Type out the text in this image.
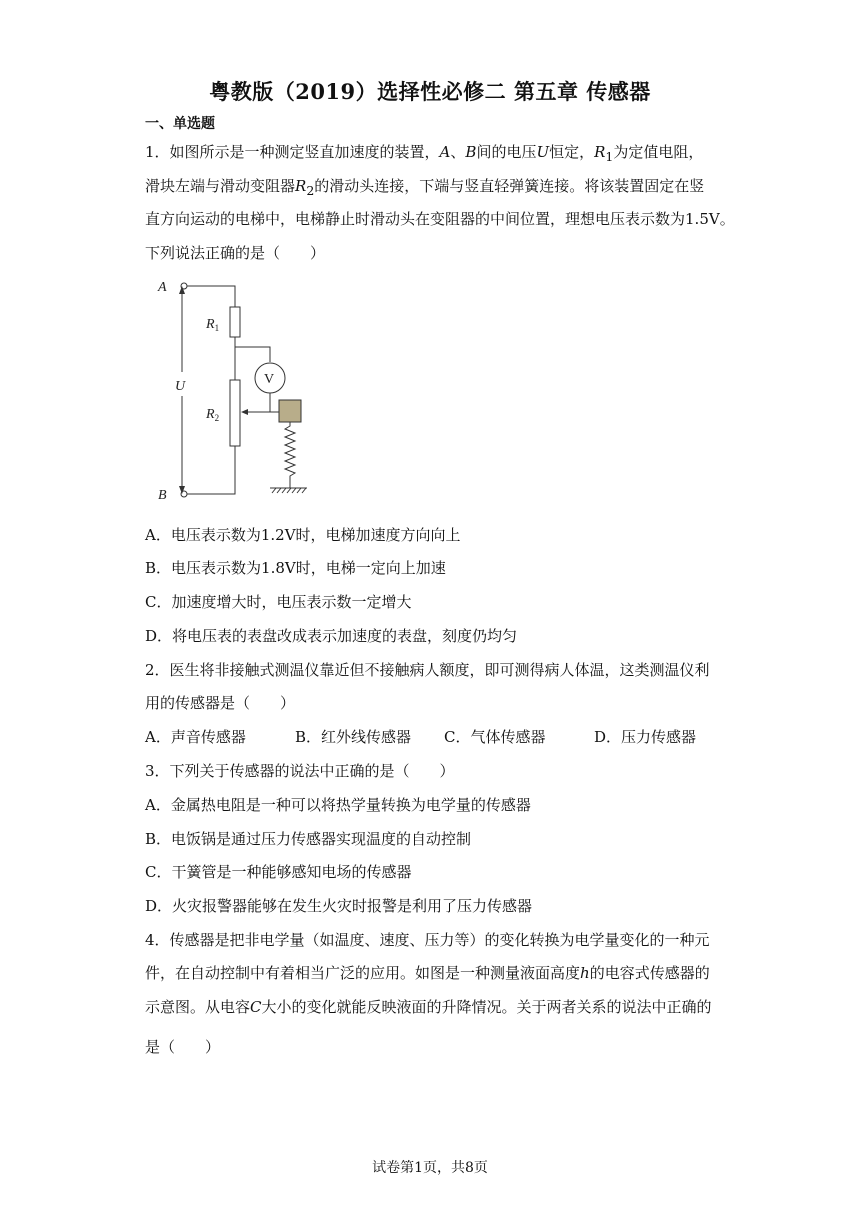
粤教版（2019）选择性必修二 第五章 传感器
一、单选题
1．如图所示是一种测定竖直加速度的装置，A、B间的电压U恒定，$R_1$为定值电阻，
滑块左端与滑动变阻器$R_2$的滑动头连接，下端与竖直轻弹簧连接。将该装置固定在竖
直方向运动的电梯中，电梯静止时滑动头在变阻器的中间位置，理想电压表示数为1.5V。
下列说法正确的是（　　）
A
B
U
$R_1$
$R_2$
V
A．电压表示数为1.2V时，电梯加速度方向向上
B．电压表示数为1.8V时，电梯一定向上加速
C．加速度增大时，电压表示数一定增大
D．将电压表的表盘改成表示加速度的表盘，刻度仍均匀
2．医生将非接触式测温仪靠近但不接触病人额度，即可测得病人体温，这类测温仪利
用的传感器是（　　）
A．声音传感器	B．红外线传感器 C．气体传感器	D．压力传感器
3．下列关于传感器的说法中正确的是（　　）
A．金属热电阻是一种可以将热学量转换为电学量的传感器
B．电饭锅是通过压力传感器实现温度的自动控制
C．干簧管是一种能够感知电场的传感器
D．火灾报警器能够在发生火灾时报警是利用了压力传感器
4．传感器是把非电学量（如温度、速度、压力等）的变化转换为电学量变化的一种元
件，在自动控制中有着相当广泛的应用。如图是一种测量液面高度h的电容式传感器的
示意图。从电容C大小的变化就能反映液面的升降情况。关于两者关系的说法中正确的
是（　　）
试卷第1页，共8页
